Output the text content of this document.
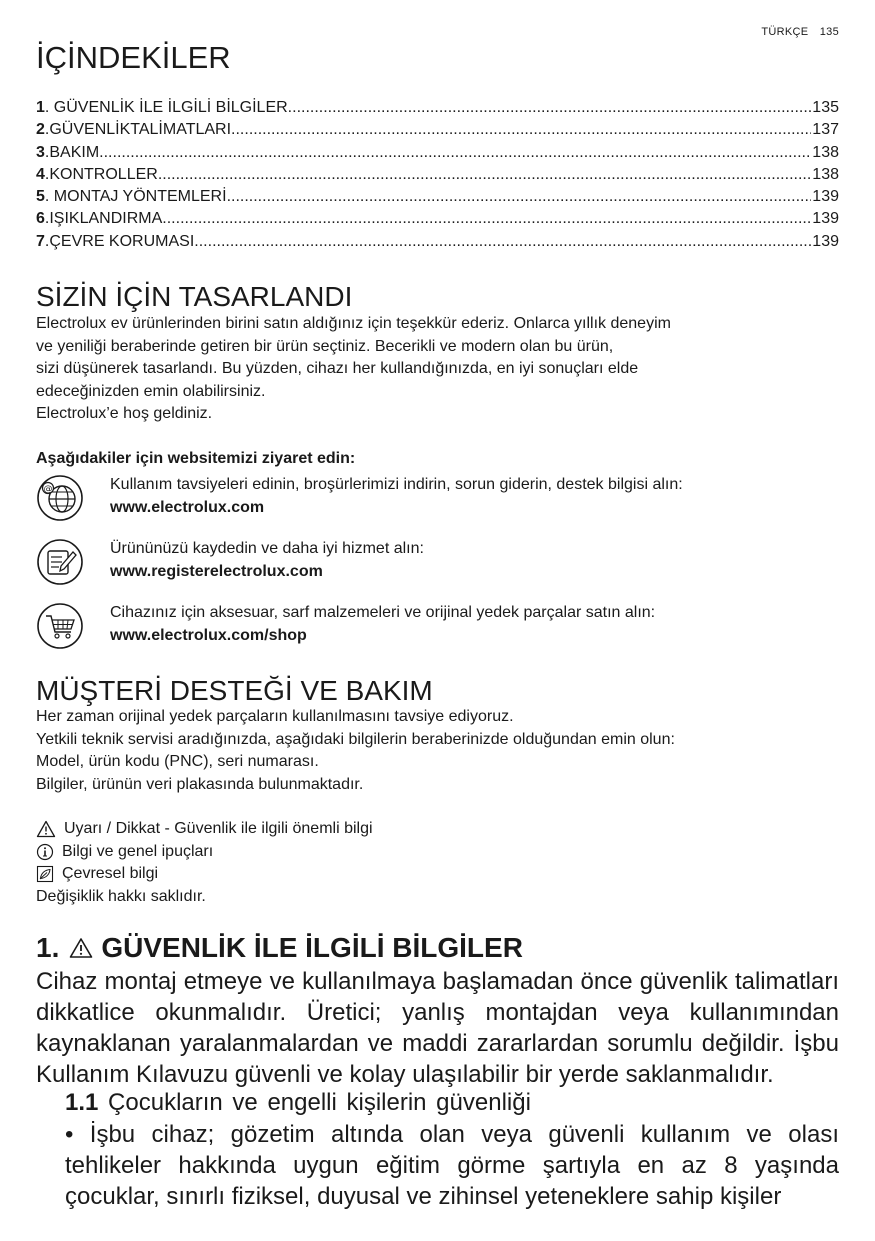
TÜRKÇE 135
İÇİNDEKİLER
1 . GÜVENLİK İLE İLGİLİ BİLGİLER .....	135
2 . GÜVENLİKTALİMATLARI .....	137
3 . BAKIM .....	138
4 . KONTROLLER .....	138
5 . MONTAJ YÖNTEMLERİ .....	139
6 . IŞIKLANDIRMA .....	139
7 . ÇEVRE KORUMASI .....	139
SİZİN İÇİN TASARLANDI
Electrolux ev ürünlerinden birini satın aldığınız için teşekkür ederiz. Onlarca yıllık deneyim
ve yeniliği beraberinde getiren bir ürün seçtiniz. Becerikli ve modern olan bu ürün,
sizi düşünerek tasarlandı. Bu yüzden, cihazı her kullandığınızda, en iyi sonuçları elde
edeceğinizden emin olabilirsiniz.
Electrolux’e hoş geldiniz.
Aşağıdakiler için websitemizi ziyaret edin:
@	Kullanım tavsiyeleri edinin, broşürlerimizi indirin, sorun giderin, destek bilgisi alın:
www.electrolux.com
Ürününüzü kaydedin ve daha iyi hizmet alın:
www.registerelectrolux.com
Cihazınız için aksesuar, sarf malzemeleri ve orijinal yedek parçalar satın alın:
www.electrolux.com/shop
MÜŞTERİ DESTEĞİ VE BAKIM
Her zaman orijinal yedek parçaların kullanılmasını tavsiye ediyoruz.
Yetkili teknik servisi aradığınızda, aşağıdaki bilgilerin beraberinizde olduğundan emin olun:
Model, ürün kodu (PNC), seri numarası.
Bilgiler, ürünün veri plakasında bulunmaktadır.
Uyarı / Dikkat - Güvenlik ile ilgili önemli bilgi
Bilgi ve genel ipuçları
Çevresel bilgi
Değişiklik hakkı saklıdır.
1. GÜVENLİK İLE İLGİLİ BİLGİLER

Cihaz montaj etmeye ve kullanılmaya başlamadan önce güvenlik talimatları dikkatlice okunmalıdır. Üretici; yanlış montajdan veya kullanımından kaynaklanan yaralanmalardan ve maddi zararlardan sorumlu değildir. İşbu Kullanım Kılavuzu güvenli ve kolay ulaşılabilir bir yerde saklanmalıdır.

1.1 Çocukların ve engelli kişilerin güvenliği

• İşbu cihaz; gözetim altında olan veya güvenli kullanım ve olası tehlikeler hakkında uygun eğitim görme şartıyla en az 8 yaşında çocuklar, sınırlı fiziksel, duyusal ve zihinsel yeteneklere sahip kişiler
